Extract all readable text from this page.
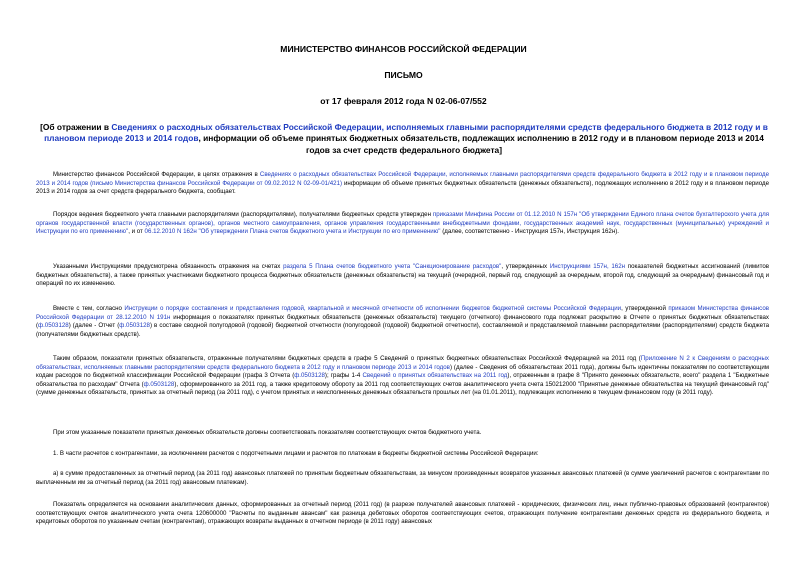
МИНИСТЕРСТВО ФИНАНСОВ РОССИЙСКОЙ ФЕДЕРАЦИИ
ПИСЬМО
от 17 февраля 2012 года N 02-06-07/552
[Об отражении в Сведениях о расходных обязательствах Российской Федерации, исполняемых главными распорядителями средств федерального бюджета в 2012 году и в плановом периоде 2013 и 2014 годов, информации об объеме принятых бюджетных обязательств, подлежащих исполнению в 2012 году и в плановом периоде 2013 и 2014 годов за счет средств федерального бюджета]
Министерство финансов Российской Федерации, в целях отражения в Сведениях о расходных обязательствах Российской Федерации, исполняемых главными распорядителями средств федерального бюджета в 2012 году и в плановом периоде 2013 и 2014 годов (письмо Министерства финансов Российской Федерации от 09.02.2012 N 02-09-01/421) информации об объеме принятых бюджетных обязательств (денежных обязательств), подлежащих исполнению в 2012 году и в плановом периоде 2013 и 2014 годов за счет средств федерального бюджета, сообщает.
Порядок ведения бюджетного учета главными распорядителями (распорядителями), получателями бюджетных средств утвержден приказами Минфина России от 01.12.2010 N 157н "Об утверждении Единого плана счетов бухгалтерского учета для органов государственной власти (государственных органов), органов местного самоуправления, органов управления государственными внебюджетными фондами, государственных академий наук, государственных (муниципальных) учреждений и Инструкции по его применению", и от 06.12.2010 N 162н "Об утверждении Плана счетов бюджетного учета и Инструкции по его применению" (далее, соответственно - Инструкция 157н, Инструкция 162н).
Указанными Инструкциями предусмотрена обязанность отражения на счетах раздела 5 Плана счетов бюджетного учета "Санкционирование расходов", утвержденных Инструкциями 157н, 162н показателей бюджетных ассигнований (лимитов бюджетных обязательств), а также принятых участниками бюджетного процесса бюджетных обязательств (денежных обязательств) на текущий (очередной, первый год, следующий за очередным, второй год, следующий за очередным) финансовый год и операций по их изменению.
Вместе с тем, согласно Инструкции о порядке составления и представления годовой, квартальной и месячной отчетности об исполнении бюджетов бюджетной системы Российской Федерации, утвержденной приказом Министерства финансов Российской Федерации от 28.12.2010 N 191н информация о показателях принятых бюджетных обязательств (денежных обязательств) текущего (отчетного) финансового года подлежат раскрытию в Отчете о принятых бюджетных обязательствах (ф.0503128) (далее - Отчет (ф.0503128) в составе сводной полугодовой (годовой) бюджетной отчетности (полугодовой (годовой) бюджетной отчетности), составляемой и представляемой главными распорядителями (распорядителями) средств бюджета (получателями бюджетных средств).
Таким образом, показатели принятых обязательств, отраженные получателями бюджетных средств в графе 5 Сведений о принятых бюджетных обязательствах Российской Федерацией на 2011 год (Приложение N 2 к Сведениям о расходных обязательствах, исполняемых главными распорядителями средств федерального бюджета в 2012 году и плановом периоде 2013 и 2014 годов) (далее - Сведения об обязательствах 2011 года), должны быть идентичны показателям по соответствующим кодам расходов по бюджетной классификации Российской Федерации (графа 3 Отчета (ф.0503128); графы 1-4 Сведений о принятых обязательствах на 2011 год), отраженным в графе 8 "Принято денежных обязательств, всего" раздела 1 "Бюджетные обязательства по расходам" Отчета (ф.0503128), сформированного за 2011 год, а также кредитовому обороту за 2011 год соответствующих счетов аналитического учета счета 150212000 "Принятые денежные обязательства на текущий финансовый год" (сумме денежных обязательств, принятых за отчетный период (за 2011 год), с учетом принятых и неисполненных денежных обязательств прошлых лет (на 01.01.2011), подлежащих исполнению в текущем финансовом году (в 2011 году).
При этом указанные показатели принятых денежных обязательств должны соответствовать показателям соответствующих счетов бюджетного учета.
1. В части расчетов с контрагентами, за исключением расчетов с подотчетными лицами и расчетов по платежам в бюджеты бюджетной системы Российской Федерации:
а) в сумме предоставленных за отчетный период (за 2011 год) авансовых платежей по принятым бюджетным обязательствам, за минусом произведенных возвратов указанных авансовых платежей (в сумме увеличений расчетов с контрагентами по выплаченным им за отчетный период (за 2011 год) авансовым платежам).
Показатель определяется на основании аналитических данных, сформированных за отчетный период (2011 год) (в разрезе получателей авансовых платежей - юридических, физических лиц, иных публично-правовых образований (контрагентов) соответствующих счетов аналитического учета счета 120600000 "Расчеты по выданным авансам" как разница дебетовых оборотов соответствующих счетов, отражающих получение контрагентами денежных средств из федерального бюджета, и кредитовых оборотов по указанным счетам (контрагентам), отражающих возвраты выданных в отчетном периоде (в 2011 году) авансовых
